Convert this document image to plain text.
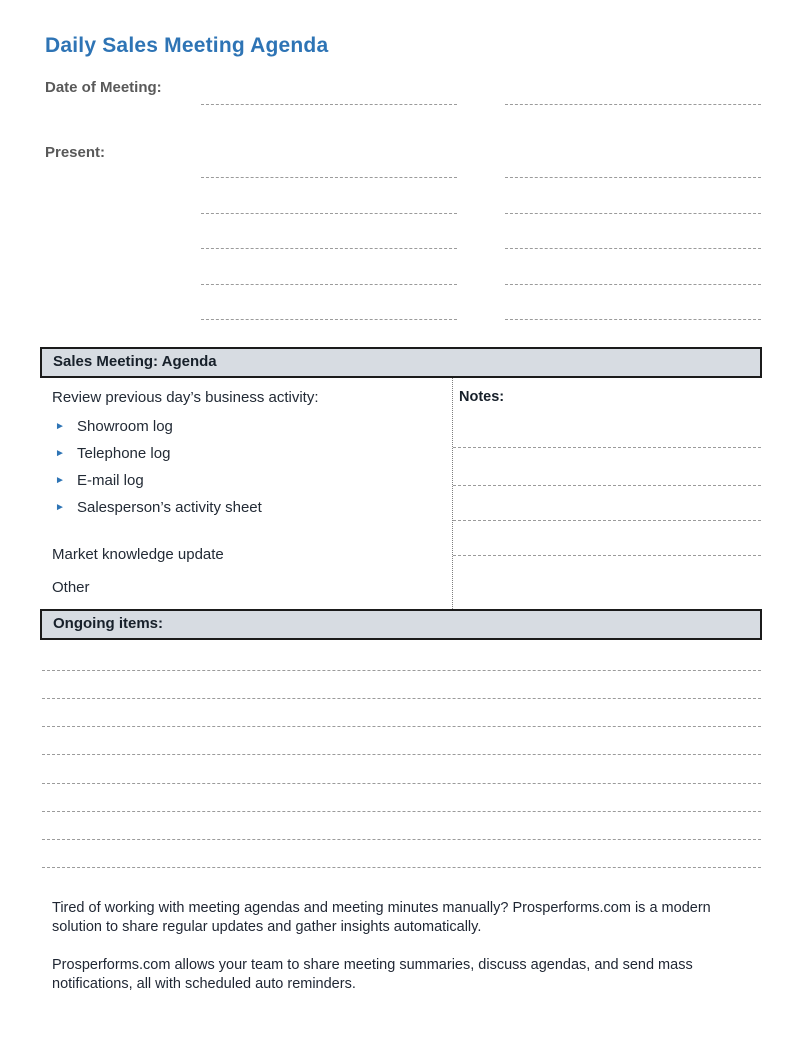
Daily Sales Meeting Agenda
Date of Meeting:
Present:
Sales Meeting: Agenda
Review previous day’s business activity:
► Showroom log
► Telephone log
► E-mail log
► Salesperson’s activity sheet
Market knowledge update
Other
Notes:
Ongoing items:

Tired of working with meeting agendas and meeting minutes manually? Prosperforms.com is a modern solution to share regular updates and gather insights automatically.

Prosperforms.com allows your team to share meeting summaries, discuss agendas, and send mass notifications, all with scheduled auto reminders.
